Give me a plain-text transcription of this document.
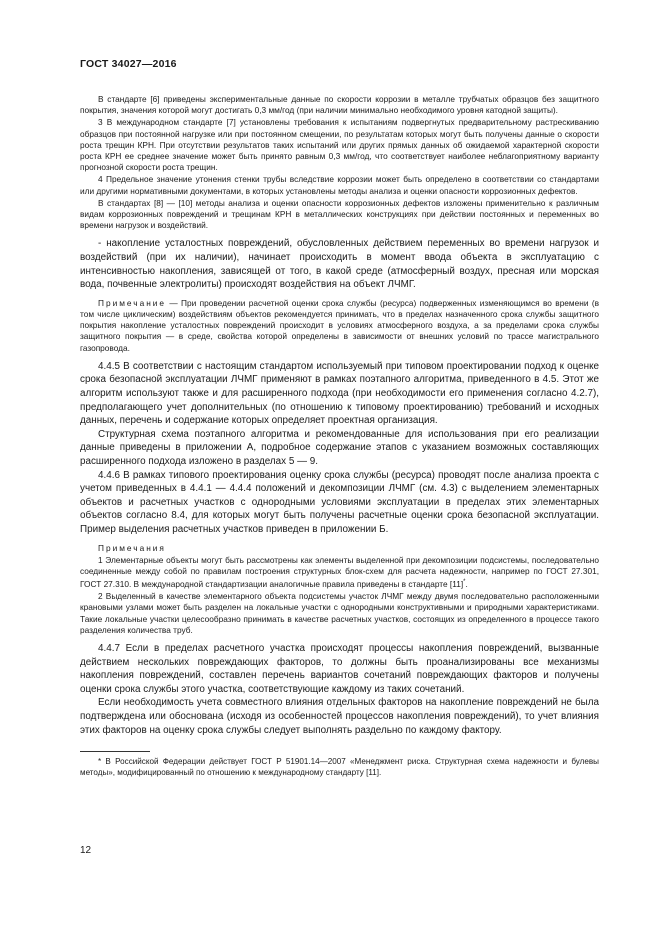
ГОСТ 34027—2016

В стандарте [6] приведены экспериментальные данные по скорости коррозии в металле трубчатых образцов без защитного покрытия, значения которой могут достигать 0,3 мм/год (при наличии минимально необходимого уровня катодной защиты).

3 В международном стандарте [7] установлены требования к испытаниям подвергнутых предварительному растрескиванию образцов при постоянной нагрузке или при постоянном смещении, по результатам которых могут быть получены данные о скорости роста трещин КРН. При отсутствии результатов таких испытаний или других прямых данных об ожидаемой характерной скорости роста КРН ее среднее значение может быть принято равным 0,3 мм/год, что соответствует наиболее неблагоприятному варианту прогнозной скорости роста трещин.

4 Предельное значение утонения стенки трубы вследствие коррозии может быть определено в соответствии со стандартами или другими нормативными документами, в которых установлены методы анализа и оценки опасности коррозионных дефектов.

В стандартах [8] — [10] методы анализа и оценки опасности коррозионных дефектов изложены применительно к различным видам коррозионных повреждений и трещинам КРН в металлических конструкциях при действии постоянных и переменных во времени нагрузок и воздействий.

- накопление усталостных повреждений, обусловленных действием переменных во времени нагрузок и воздействий (при их наличии), начинает происходить в момент ввода объекта в эксплуатацию с интенсивностью накопления, зависящей от того, в какой среде (атмосферный воздух, пресная или морская вода, почвенные электролиты) происходят воздействия на объект ЛЧМГ.

Примечание — При проведении расчетной оценки срока службы (ресурса) подверженных изменяющимся во времени (в том числе циклическим) воздействиям объектов рекомендуется принимать, что в пределах назначенного срока службы защитного покрытия накопление усталостных повреждений происходит в условиях атмосферного воздуха, а за пределами срока службы защитного покрытия — в среде, свойства которой определены в зависимости от внешних условий по трассе магистрального газопровода.

4.4.5 В соответствии с настоящим стандартом используемый при типовом проектировании подход к оценке срока безопасной эксплуатации ЛЧМГ применяют в рамках поэтапного алгоритма, приведенного в 4.5. Этот же алгоритм используют также и для расширенного подхода (при необходимости его применения согласно 4.2.7), предполагающего учет дополнительных (по отношению к типовому проектированию) требований и исходных данных, перечень и содержание которых определяет проектная организация.

Структурная схема поэтапного алгоритма и рекомендованные для использования при его реализации данные приведены в приложении А, подробное содержание этапов с указанием возможных составляющих расширенного подхода изложено в разделах 5 — 9.

4.4.6 В рамках типового проектирования оценку срока службы (ресурса) проводят после анализа проекта с учетом приведенных в 4.4.1 — 4.4.4 положений и декомпозиции ЛЧМГ (см. 4.3) с выделением элементарных объектов и расчетных участков с однородными условиями эксплуатации в пределах этих элементарных объектов согласно 8.4, для которых могут быть получены расчетные оценки срока безопасной эксплуатации. Пример выделения расчетных участков приведен в приложении Б.

Примечания

1 Элементарные объекты могут быть рассмотрены как элементы выделенной при декомпозиции подсистемы, последовательно соединенные между собой по правилам построения структурных блок-схем для расчета надежности, например по ГОСТ 27.301, ГОСТ 27.310. В международной стандартизации аналогичные правила приведены в стандарте [11]*.

2 Выделенный в качестве элементарного объекта подсистемы участок ЛЧМГ между двумя последовательно расположенными крановыми узлами может быть разделен на локальные участки с однородными конструктивными и природными характеристиками. Такие локальные участки целесообразно принимать в качестве расчетных участков, состоящих из определенного в процессе такого разделения количества труб.

4.4.7 Если в пределах расчетного участка происходят процессы накопления повреждений, вызванные действием нескольких повреждающих факторов, то должны быть проанализированы все механизмы накопления повреждений, составлен перечень вариантов сочетаний повреждающих факторов и получены оценки срока службы этого участка, соответствующие каждому из таких сочетаний.

Если необходимость учета совместного влияния отдельных факторов на накопление повреждений не была подтверждена или обоснована (исходя из особенностей процессов накопления повреждений), то учет влияния этих факторов на оценку срока службы следует выполнять раздельно по каждому фактору.

* В Российской Федерации действует ГОСТ Р 51901.14—2007 «Менеджмент риска. Структурная схема надежности и булевы методы», модифицированный по отношению к международному стандарту [11].

12
